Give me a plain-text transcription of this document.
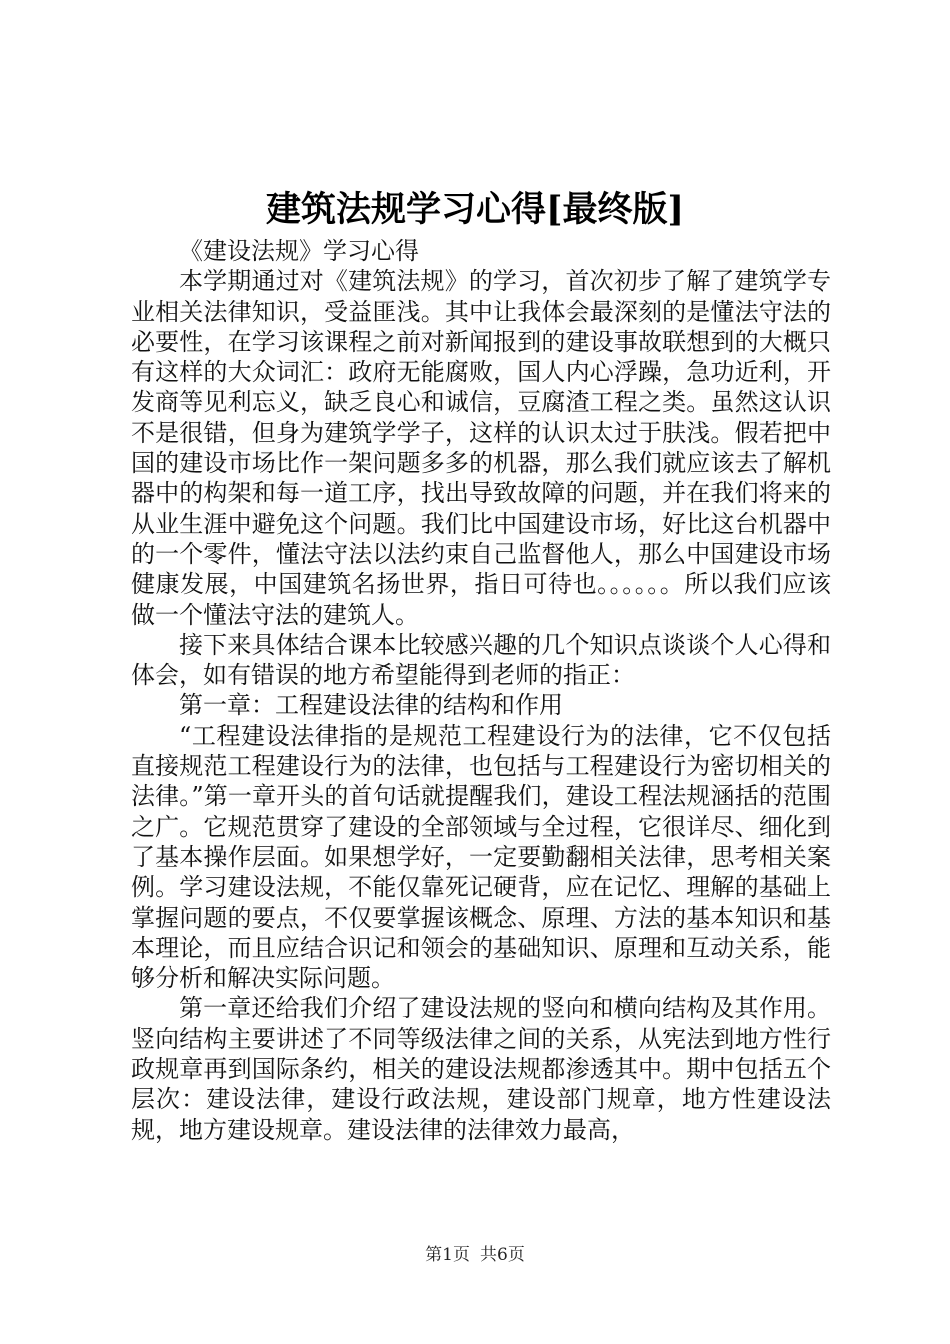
建筑法规学习心得[最终版]

《建设法规》学习心得

本学期通过对《建筑法规》的学习，首次初步了解了建筑学专业相关法律知识，受益匪浅。其中让我体会最深刻的是懂法守法的必要性，在学习该课程之前对新闻报到的建设事故联想到的大概只有这样的大众词汇：政府无能腐败，国人内心浮躁，急功近利，开发商等见利忘义，缺乏良心和诚信，豆腐渣工程之类。虽然这认识不是很错，但身为建筑学学子，这样的认识太过于肤浅。假若把中国的建设市场比作一架问题多多的机器，那么我们就应该去了解机器中的构架和每一道工序，找出导致故障的问题，并在我们将来的从业生涯中避免这个问题。我们比中国建设市场，好比这台机器中的一个零件，懂法守法以法约束自己监督他人，那么中国建设市场健康发展，中国建筑名扬世界，指日可待也。。。。。。所以我们应该做一个懂法守法的建筑人。

接下来具体结合课本比较感兴趣的几个知识点谈谈个人心得和体会，如有错误的地方希望能得到老师的指正：

第一章：工程建设法律的结构和作用

“工程建设法律指的是规范工程建设行为的法律，它不仅包括直接规范工程建设行为的法律，也包括与工程建设行为密切相关的法律。”第一章开头的首句话就提醒我们，建设工程法规涵括的范围之广。它规范贯穿了建设的全部领域与全过程，它很详尽、细化到了基本操作层面。如果想学好，一定要勤翻相关法律，思考相关案例。学习建设法规，不能仅靠死记硬背，应在记忆、理解的基础上掌握问题的要点，不仅要掌握该概念、原理、方法的基本知识和基本理论，而且应结合识记和领会的基础知识、原理和互动关系，能够分析和解决实际问题。

第一章还给我们介绍了建设法规的竖向和横向结构及其作用。竖向结构主要讲述了不同等级法律之间的关系，从宪法到地方性行政规章再到国际条约，相关的建设法规都渗透其中。期中包括五个层次：建设法律，建设行政法规，建设部门规章，地方性建设法规，地方建设规章。建设法律的法律效力最高，

第1页 共6页
